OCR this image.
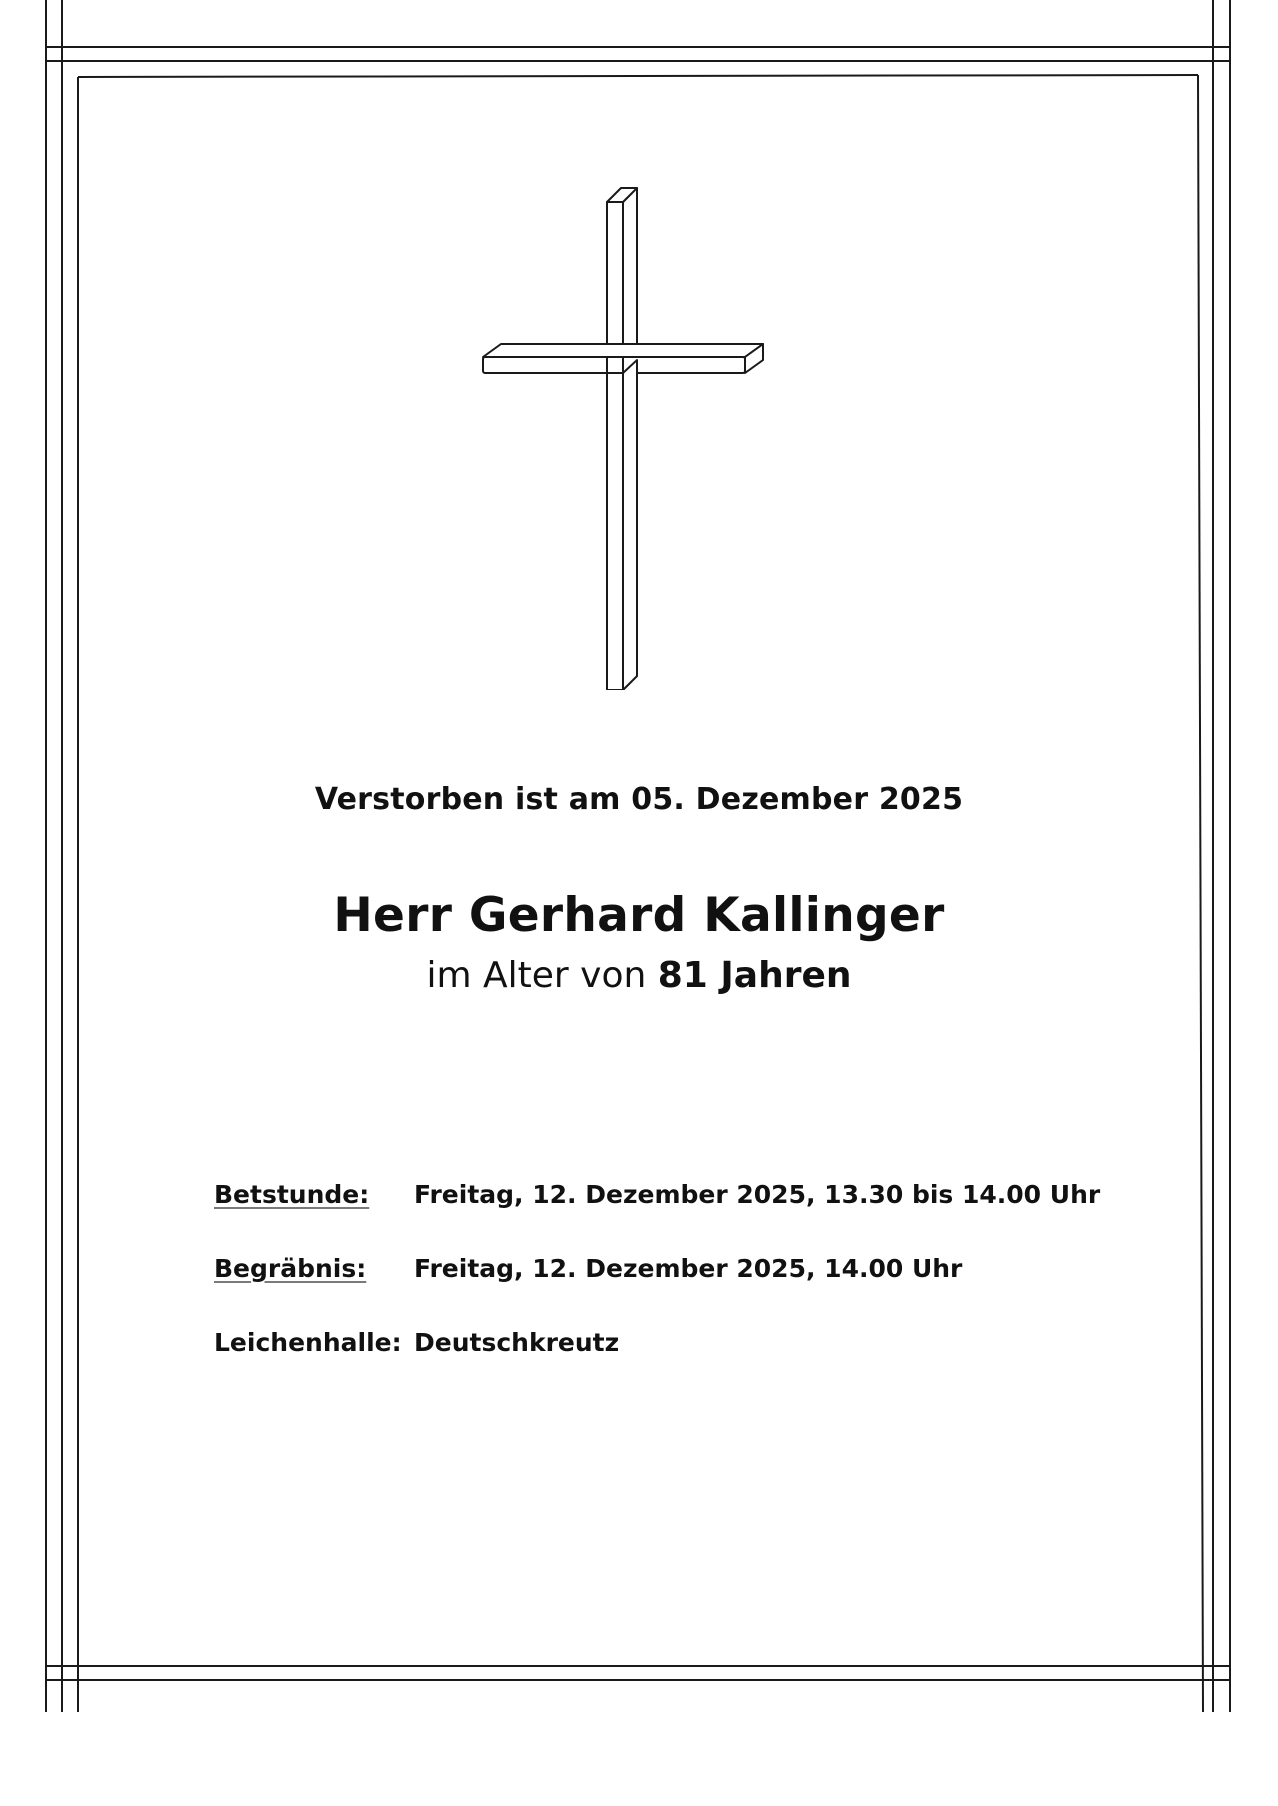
Verstorben ist am 05. Dezember 2025
Herr Gerhard Kallinger
im Alter von 81 Jahren
Betstunde: Freitag, 12. Dezember 2025, 13.30 bis 14.00 Uhr
Begräbnis: Freitag, 12. Dezember 2025, 14.00 Uhr
Leichenhalle: Deutschkreutz
